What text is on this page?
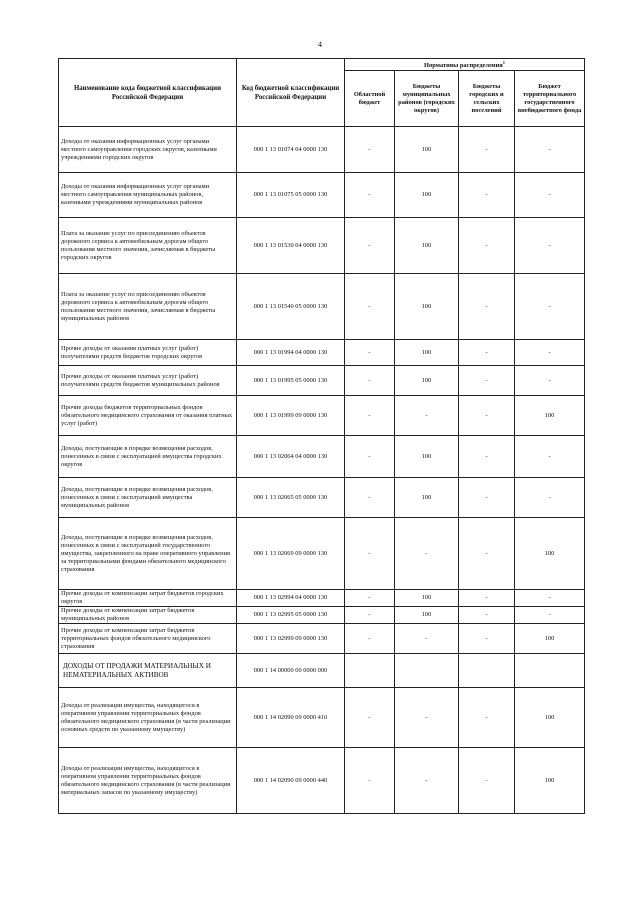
4
Наименование кода бюджетной классификации Российской Федерации	Код бюджетной классификации Российской Федерации	Нормативы распределения$^1$
		Областной бюджет	Бюджеты муниципальных районов (городских округов)	Бюджеты городских и сельских поселений	Бюджет территориального государственного внебюджетного фонда
Доходы от оказания информационных услуг органами местного самоуправления городских округов, казенными учреждениями городских округов	000 1 13 01074 04 0000 130	-	100	-	-
Доходы от оказания информационных услуг органами местного самоуправления муниципальных районов, казенными учреждениями муниципальных районов	000 1 13 01075 05 0000 130	-	100	-	-
Плата за оказание услуг по присоединению объектов дорожного сервиса к автомобильным дорогам общего пользования местного значения, зачисляемая в бюджеты городских округов	000 1 13 01530 04 0000 130	-	100	-	-
Плата за оказание услуг по присоединению объектов дорожного сервиса к автомобильным дорогам общего пользования местного значения, зачисляемая в бюджеты муниципальных районов	000 1 13 01540 05 0000 130	-	100	-	-
Прочие доходы от оказания платных услуг (работ) получателями средств бюджетов городских округов	000 1 13 01994 04 0000 130	-	100	-	-
Прочие доходы от оказания платных услуг (работ) получателями средств бюджетов муниципальных районов	000 1 13 01995 05 0000 130	-	100	-	-
Прочие доходы бюджетов территориальных фондов обязательного медицинского страхования от оказания платных услуг (работ)	000 1 13 01999 09 0000 130	-	-	-	100
Доходы, поступающие в порядке возмещения расходов, понесенных в связи с эксплуатацией имущества городских округов	000 1 13 02064 04 0000 130	-	100	-	-
Доходы, поступающие в порядке возмещения расходов, понесенных в связи с эксплуатацией имущества муниципальных районов	000 1 13 02065 05 0000 130	-	100	-	-
Доходы, поступающие в порядке возмещения расходов, понесенных в связи с эксплуатацией государственного имущества, закрепленного на праве оперативного управления за территориальными фондами обязательного медицинского страхования	000 1 13 02069 09 0000 130	-	-	-	100
Прочие доходы от компенсации затрат бюджетов городских округов	000 1 13 02994 04 0000 130	-	100	-	-
Прочие доходы от компенсации затрат бюджетов муниципальных районов	000 1 13 02995 05 0000 130	-	100	-	-
Прочие доходы от компенсации затрат бюджетов территориальных фондов обязательного медицинского страхования	000 1 13 02999 09 0000 130	-	-	-	100
ДОХОДЫ ОТ ПРОДАЖИ МАТЕРИАЛЬНЫХ И НЕМАТЕРИАЛЬНЫХ АКТИВОВ	000 1 14 00000 00 0000 000				
Доходы от реализации имущества, находящегося в оперативном управлении территориальных фондов обязательного медицинского страхования (в части реализации основных средств по указанному имуществу)	000 1 14 02090 09 0000 410	-	-	-	100
Доходы от реализации имущества, находящегося в оперативном управлении территориальных фондов обязательного медицинского страхования (в части реализации материальных запасов по указанному имуществу)	000 1 14 02090 09 0000 440	-	-	-	100
